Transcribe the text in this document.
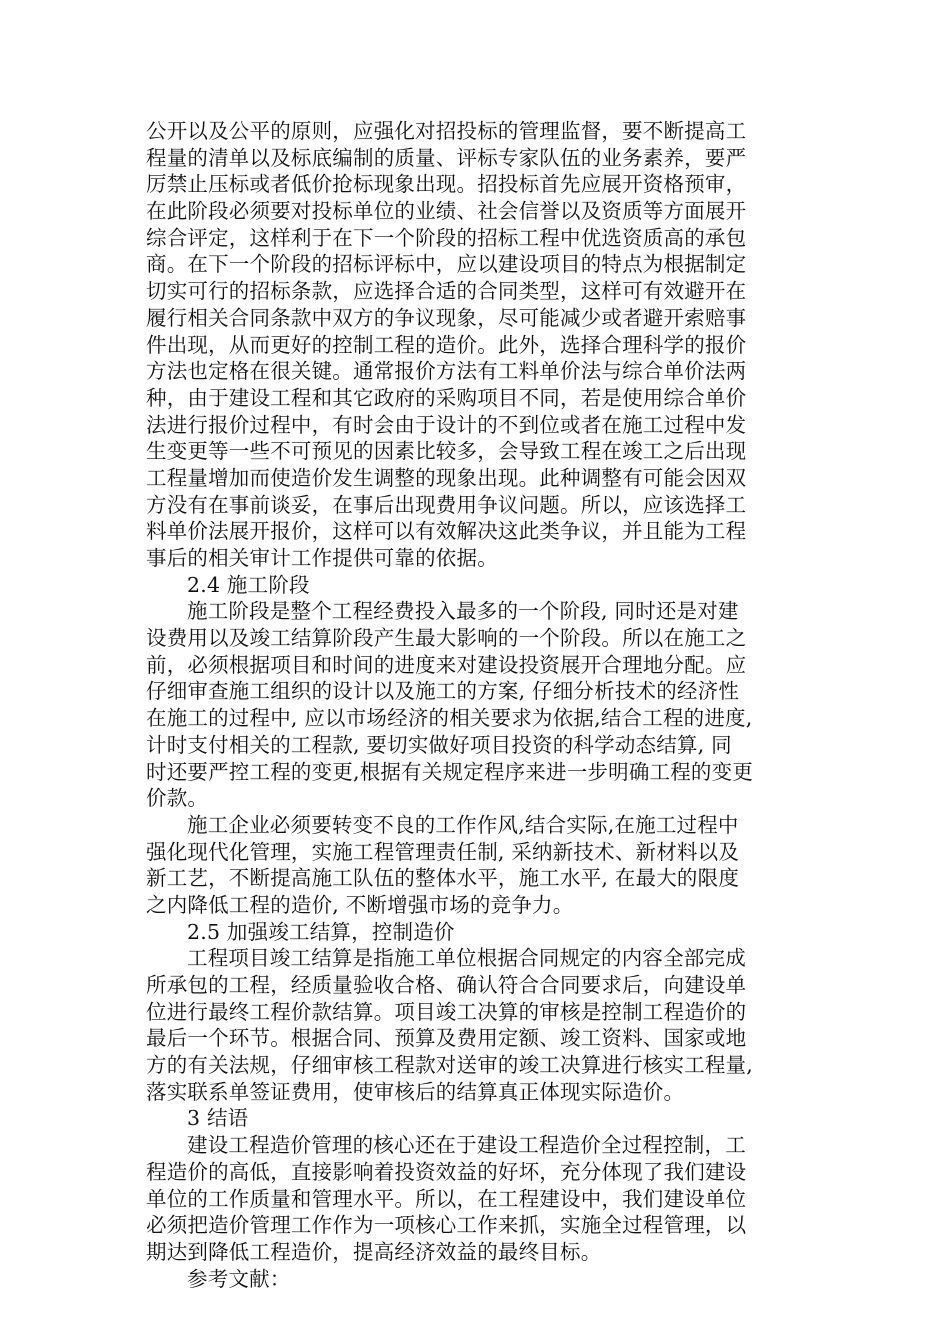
公开以及公平的原则，应强化对招投标的管理监督，要不断提高工
程量的清单以及标底编制的质量、评标专家队伍的业务素养，要严
厉禁止压标或者低价抢标现象出现。招投标首先应展开资格预审，
在此阶段必须要对投标单位的业绩、社会信誉以及资质等方面展开
综合评定，这样利于在下一个阶段的招标工程中优选资质高的承包
商。在下一个阶段的招标评标中，应以建设项目的特点为根据制定
切实可行的招标条款，应选择合适的合同类型，这样可有效避开在
履行相关合同条款中双方的争议现象，尽可能减少或者避开索赔事
件出现，从而更好的控制工程的造价。此外，选择合理科学的报价
方法也定格在很关键。通常报价方法有工料单价法与综合单价法两
种，由于建设工程和其它政府的采购项目不同，若是使用综合单价
法进行报价过程中，有时会由于设计的不到位或者在施工过程中发
生变更等一些不可预见的因素比较多，会导致工程在竣工之后出现
工程量增加而使造价发生调整的现象出现。此种调整有可能会因双
方没有在事前谈妥，在事后出现费用争议问题。所以，应该选择工
料单价法展开报价，这样可以有效解决这此类争议，并且能为工程
事后的相关审计工作提供可靠的依据。
2.4 施工阶段
施工阶段是整个工程经费投入最多的一个阶段, 同时还是对建
设费用以及竣工结算阶段产生最大影响的一个阶段。所以在施工之
前，必须根据项目和时间的进度来对建设投资展开合理地分配。应
仔细审查施工组织的设计以及施工的方案, 仔细分析技术的经济性
在施工的过程中, 应以市场经济的相关要求为依据,结合工程的进度,
计时支付相关的工程款, 要切实做好项目投资的科学动态结算, 同
时还要严控工程的变更,根据有关规定程序来进一步明确工程的变更
价款。
施工企业必须要转变不良的工作作风,结合实际,在施工过程中
强化现代化管理，实施工程管理责任制, 采纳新技术、新材料以及
新工艺，不断提高施工队伍的整体水平，施工水平, 在最大的限度
之内降低工程的造价, 不断增强市场的竞争力。
2.5 加强竣工结算，控制造价
工程项目竣工结算是指施工单位根据合同规定的内容全部完成
所承包的工程，经质量验收合格、确认符合合同要求后，向建设单
位进行最终工程价款结算。项目竣工决算的审核是控制工程造价的
最后一个环节。根据合同、预算及费用定额、竣工资料、国家或地
方的有关法规，仔细审核工程款对送审的竣工决算进行核实工程量,
落实联系单签证费用，使审核后的结算真正体现实际造价。
3 结语
建设工程造价管理的核心还在于建设工程造价全过程控制，工
程造价的高低，直接影响着投资效益的好坏，充分体现了我们建设
单位的工作质量和管理水平。所以，在工程建设中，我们建设单位
必须把造价管理工作作为一项核心工作来抓，实施全过程管理，以
期达到降低工程造价，提高经济效益的最终目标。
参考文献：
